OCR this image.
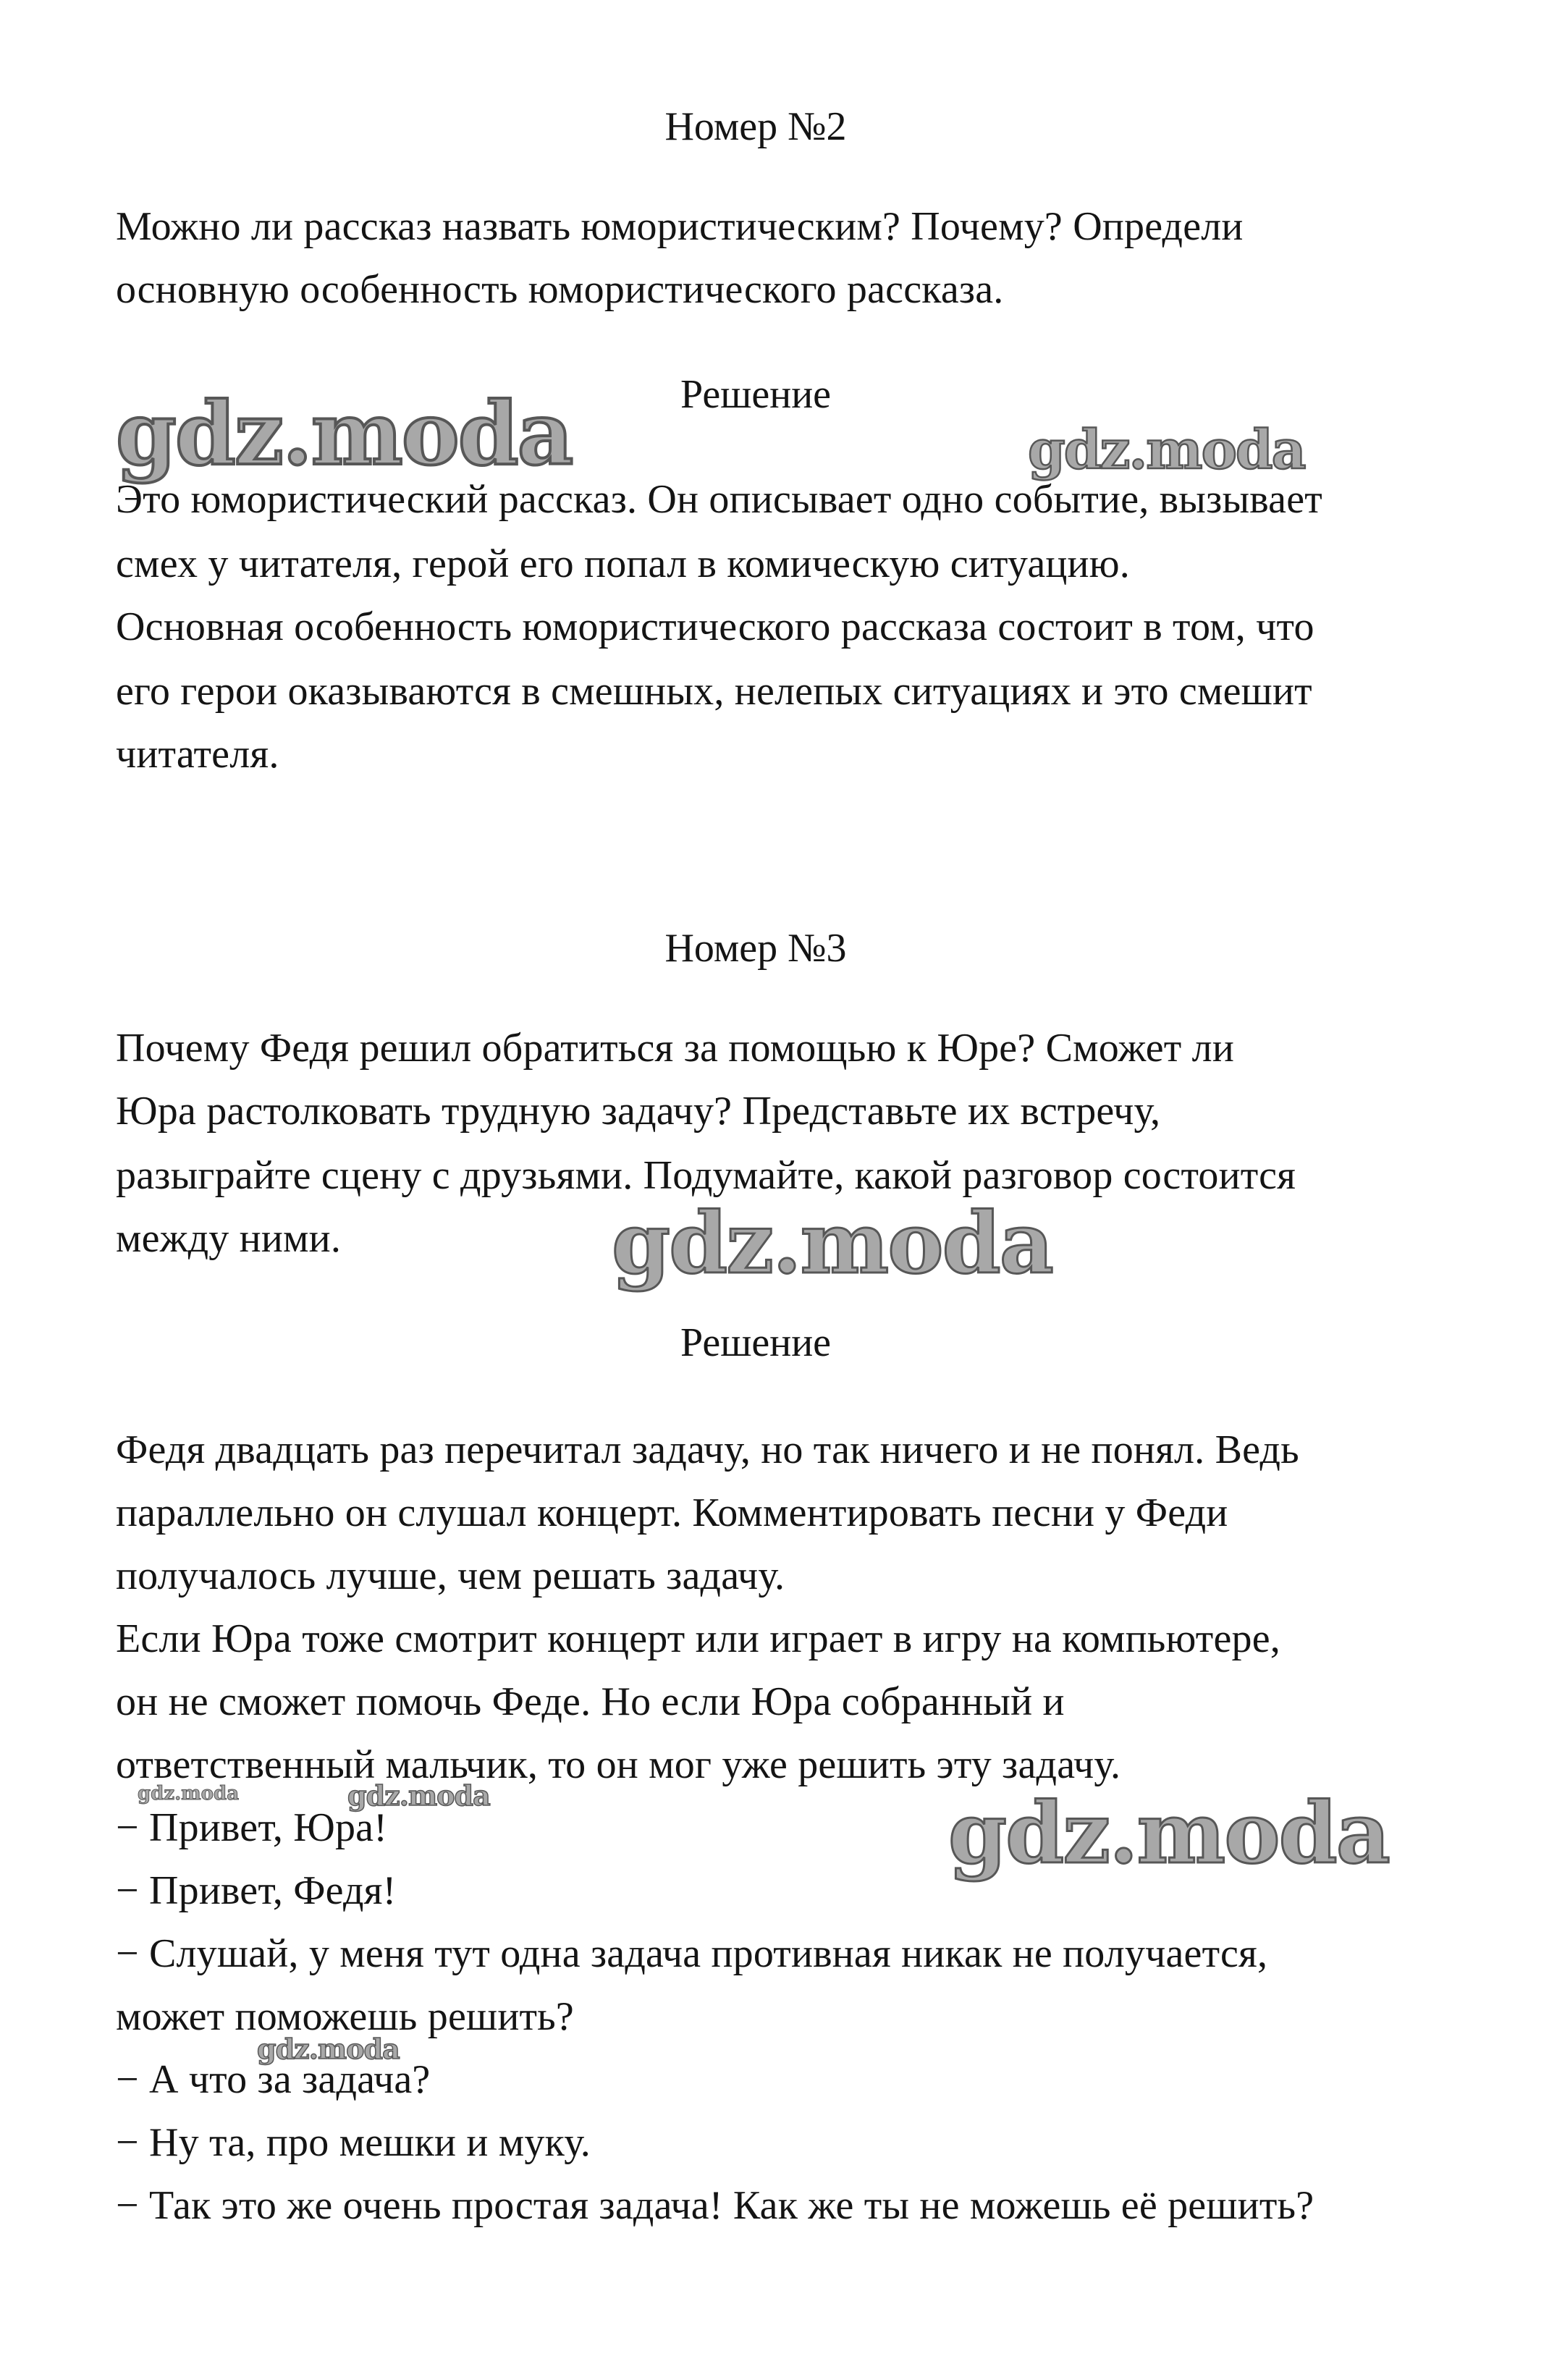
Номер №2
Можно ли рассказ назвать юмористическим? Почему? Определи
основную особенность юмористического рассказа.
Решение
Это юмористический рассказ. Он описывает одно событие, вызывает
смех у читателя, герой его попал в комическую ситуацию.
Основная особенность юмористического рассказа состоит в том, что
его герои оказываются в смешных, нелепых ситуациях и это смешит
читателя.
Номер №3
Почему Федя решил обратиться за помощью к Юре? Сможет ли
Юра растолковать трудную задачу? Представьте их встречу,
разыграйте сцену с друзьями. Подумайте, какой разговор состоится
между ними.
Решение
Федя двадцать раз перечитал задачу, но так ничего и не понял. Ведь
параллельно он слушал концерт. Комментировать песни у Феди
получалось лучше, чем решать задачу.
Если Юра тоже смотрит концерт или играет в игру на компьютере,
он не сможет помочь Феде. Но если Юра собранный и
ответственный мальчик, то он мог уже решить эту задачу.
− Привет, Юра!
− Привет, Федя!
− Слушай, у меня тут одна задача противная никак не получается,
может поможешь решить?
− А что за задача?
− Ну та, про мешки и муку.
− Так это же очень простая задача! Как же ты не можешь её решить?
gdz.moda	gdz.moda
gdz.moda
gdz.moda	gdz.moda	gdz.moda
gdz.moda
